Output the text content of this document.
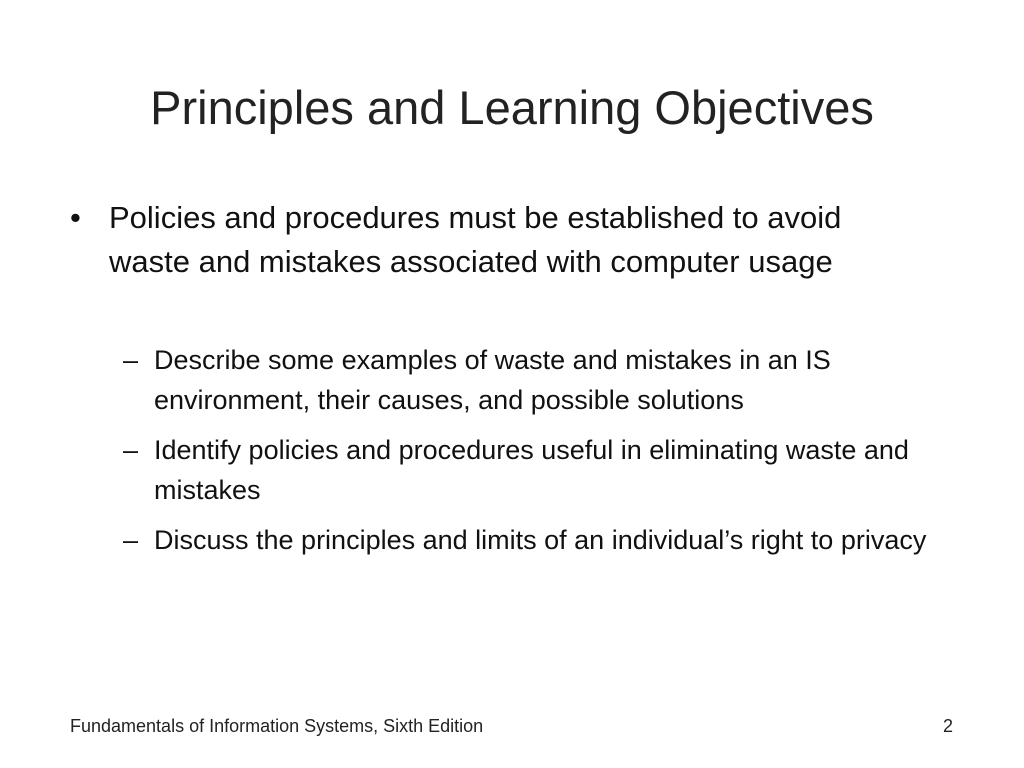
Principles and Learning Objectives
• Policies and procedures must be established to avoid waste and mistakes associated with computer usage
– Describe some examples of waste and mistakes in an IS environment, their causes, and possible solutions
– Identify policies and procedures useful in eliminating waste and mistakes
– Discuss the principles and limits of an individual’s right to privacy
Fundamentals of Information Systems, Sixth Edition	2
